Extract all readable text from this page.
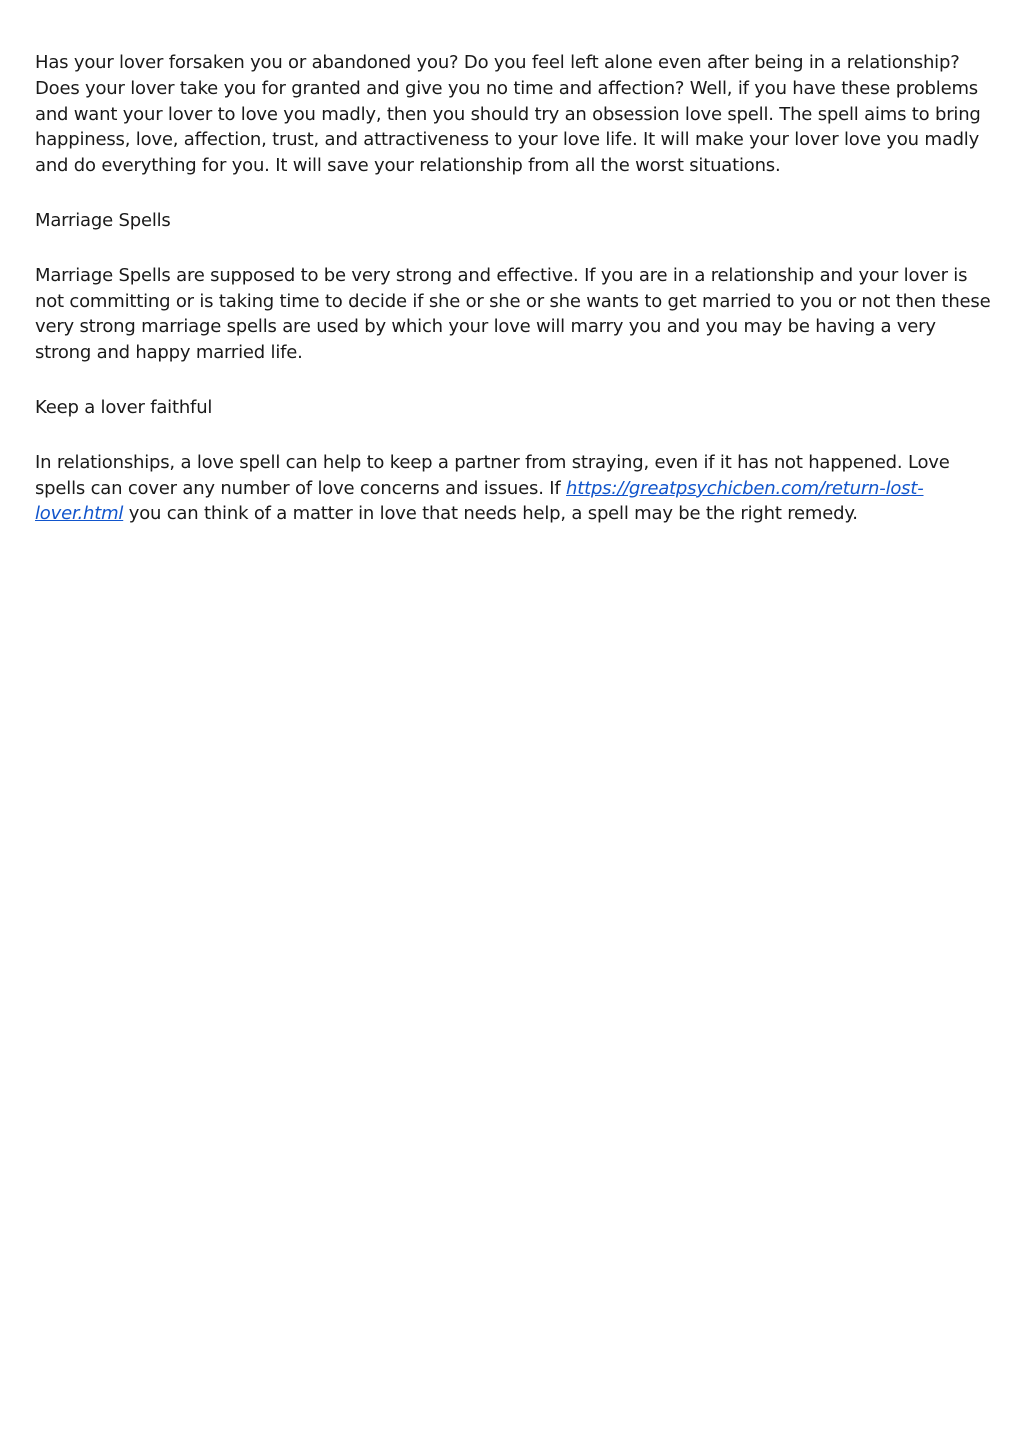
Has your lover forsaken you or abandoned you? Do you feel left alone even after being in a relationship? Does your lover take you for granted and give you no time and affection? Well, if you have these problems and want your lover to love you madly, then you should try an obsession love spell. The spell aims to bring happiness, love, affection, trust, and attractiveness to your love life. It will make your lover love you madly and do everything for you. It will save your relationship from all the worst situations.

Marriage Spells

Marriage Spells are supposed to be very strong and effective. If you are in a relationship and your lover is not committing or is taking time to decide if she or she or she wants to get married to you or not then these very strong marriage spells are used by which your love will marry you and you may be having a very strong and happy married life.

Keep a lover faithful

In relationships, a love spell can help to keep a partner from straying, even if it has not happened. Love spells can cover any number of love concerns and issues. If https://greatpsychicben.com/return-lost-lover.html you can think of a matter in love that needs help, a spell may be the right remedy.
